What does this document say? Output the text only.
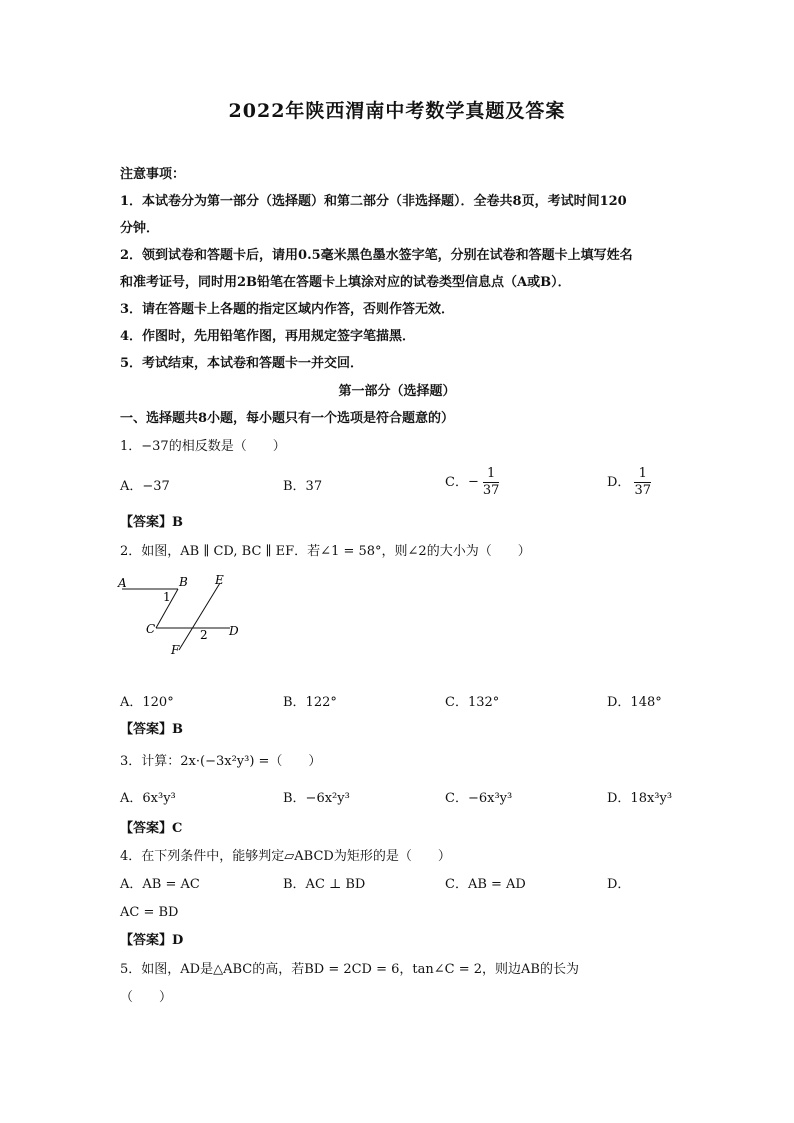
2022年陕西渭南中考数学真题及答案
注意事项：
1．本试卷分为第一部分（选择题）和第二部分（非选择题）．全卷共8页，考试时间120
分钟．
2．领到试卷和答题卡后，请用0.5毫米黑色墨水签字笔，分别在试卷和答题卡上填写姓名
和准考证号，同时用2B铅笔在答题卡上填涂对应的试卷类型信息点（A或B）．
3．请在答题卡上各题的指定区域内作答，否则作答无效．
4．作图时，先用铅笔作图，再用规定签字笔描黑．
5．考试结束，本试卷和答题卡一并交回．
第一部分（选择题）
一、选择题共8小题，每小题只有一个选项是符合题意的）
1．−37的相反数是（　　）
A．−37	B．37	C．− $\frac{1}{37}$	D． $\frac{1}{37}$
【答案】B
2．如图，AB ∥ CD, BC ∥ EF．若∠1 = 58°，则∠2的大小为（　　）
A	B E
1
C	2 D
F
A．120°	B．122°	C．132°	D．148°
【答案】B
3．计算：2x·(−3x²y³) =（　　）
A．6x³y³	B．−6x²y³	C．−6x³y³	D．18x³y³
【答案】C
4．在下列条件中，能够判定▱ABCD为矩形的是（　　）
A．AB = AC	B．AC ⊥ BD	C．AB = AD	D．
AC = BD
【答案】D
5．如图，AD是△ABC的高，若BD = 2CD = 6，tan∠C = 2，则边AB的长为
（　　）
